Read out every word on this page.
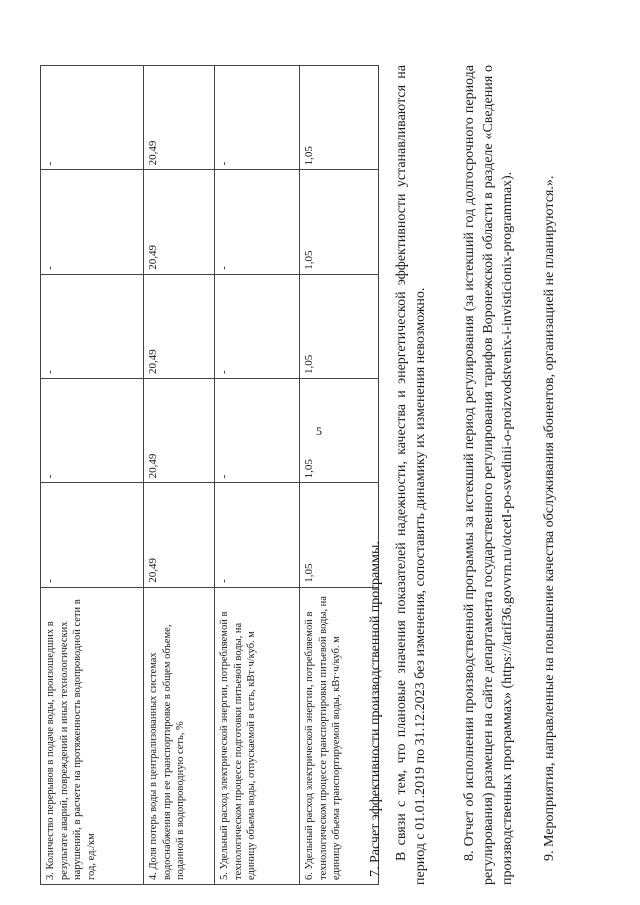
5
3. Количество перерывов в подаче воды, произошедших в результате аварий, повреждений и иных технологических нарушений, в расчете на протяженность водопроводной сети в год, ед./км	-	-	-	-	-
4. Доля потерь воды в централизованных системах водоснабжения при ее транспортировке в общем объеме, поданной в водопроводную сеть, %	20,49	20,49	20,49	20,49	20,49
5. Удельный расход электрической энергии, потребляемой в технологическом процессе подготовки питьевой воды, на единицу объема воды, отпускаемой в сеть, кВт·ч/куб. м	-	-	-	-	-
6. Удельный расход электрической энергии, потребляемой в технологическом процессе транспортировки питьевой воды, на единицу объема транспортируемой воды, кВт·ч/куб. м	1,05	1,05	1,05	1,05	1,05

7. Расчет эффективности производственной программы. В связи с тем, что плановые значения показателей надежности, качества и энергетической эффективности устанавливаются на период с 01.01.2019 по 31.12.2023 без изменения, сопоставить динамику их изменения невозможно. 8. Отчет об исполнении производственной программы за истекший период регулирования (за истекший год долгосрочного периода регулирования) размещен на сайте департамента государственного регулирования тарифов Воронежской области в разделе «Сведения о производственных программах» (https://tarif36.govvrn.ru/otcetI-po-svedinii-o-proizvodstvenix-i-invisticionix-programmax). 9. Мероприятия, направленные на повышение качества обслуживания абонентов, организацией не планируются.».
